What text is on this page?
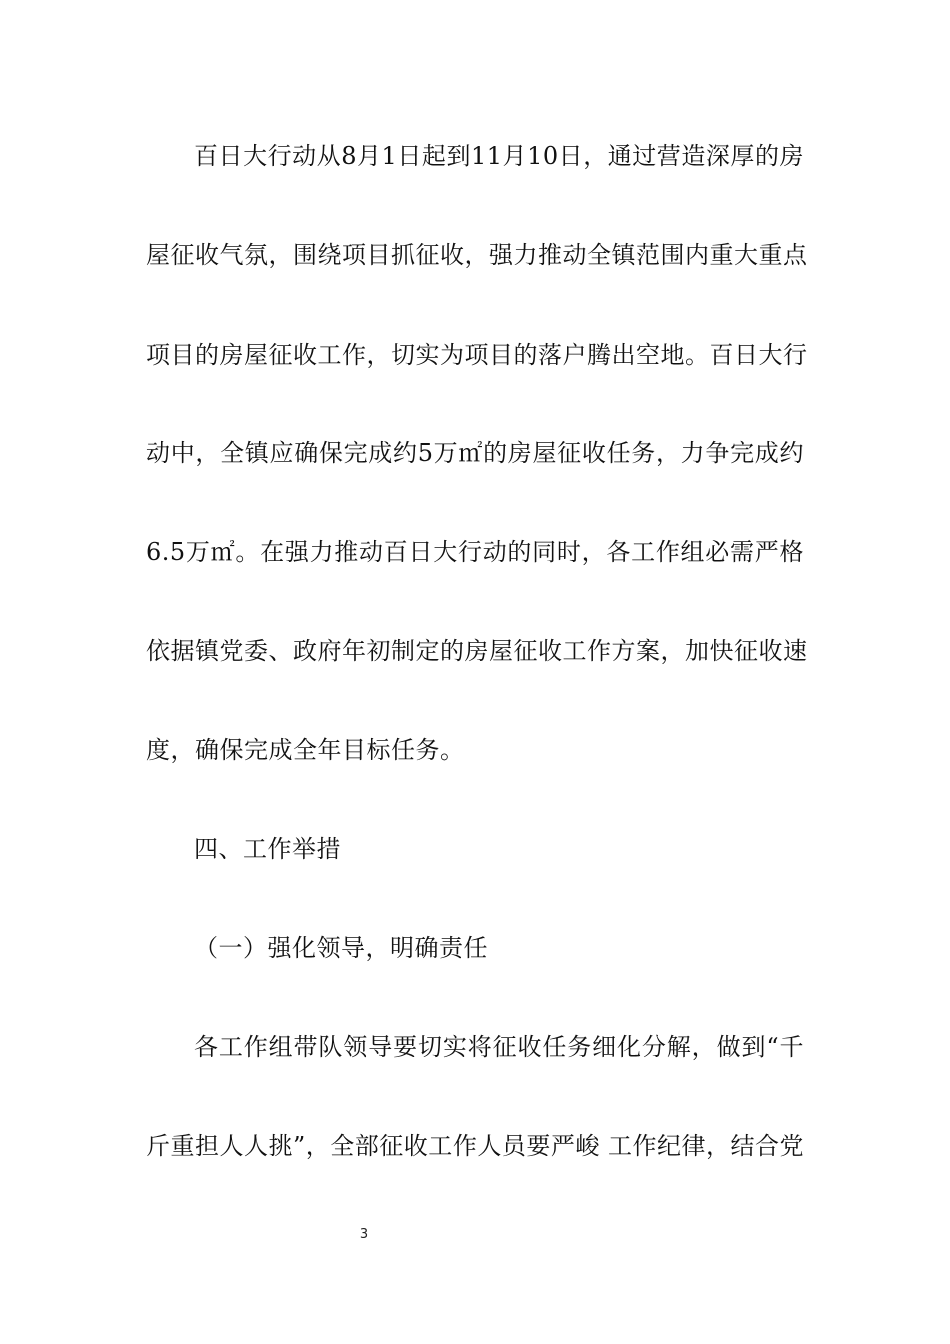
百日大行动从8月1日起到11月10日，通过营造深厚的房
屋征收气氛，围绕项目抓征收，强力推动全镇范围内重大重点
项目的房屋征收工作，切实为项目的落户腾出空地。百日大行
动中，全镇应确保完成约5万㎡的房屋征收任务，力争完成约
6.5万㎡。在强力推动百日大行动的同时，各工作组必需严格
依据镇党委、政府年初制定的房屋征收工作方案，加快征收速
度，确保完成全年目标任务。
四、工作举措
（一）强化领导，明确责任
各工作组带队领导要切实将征收任务细化分解，做到“千
斤重担人人挑”，全部征收工作人员要严峻 工作纪律，结合党
3
